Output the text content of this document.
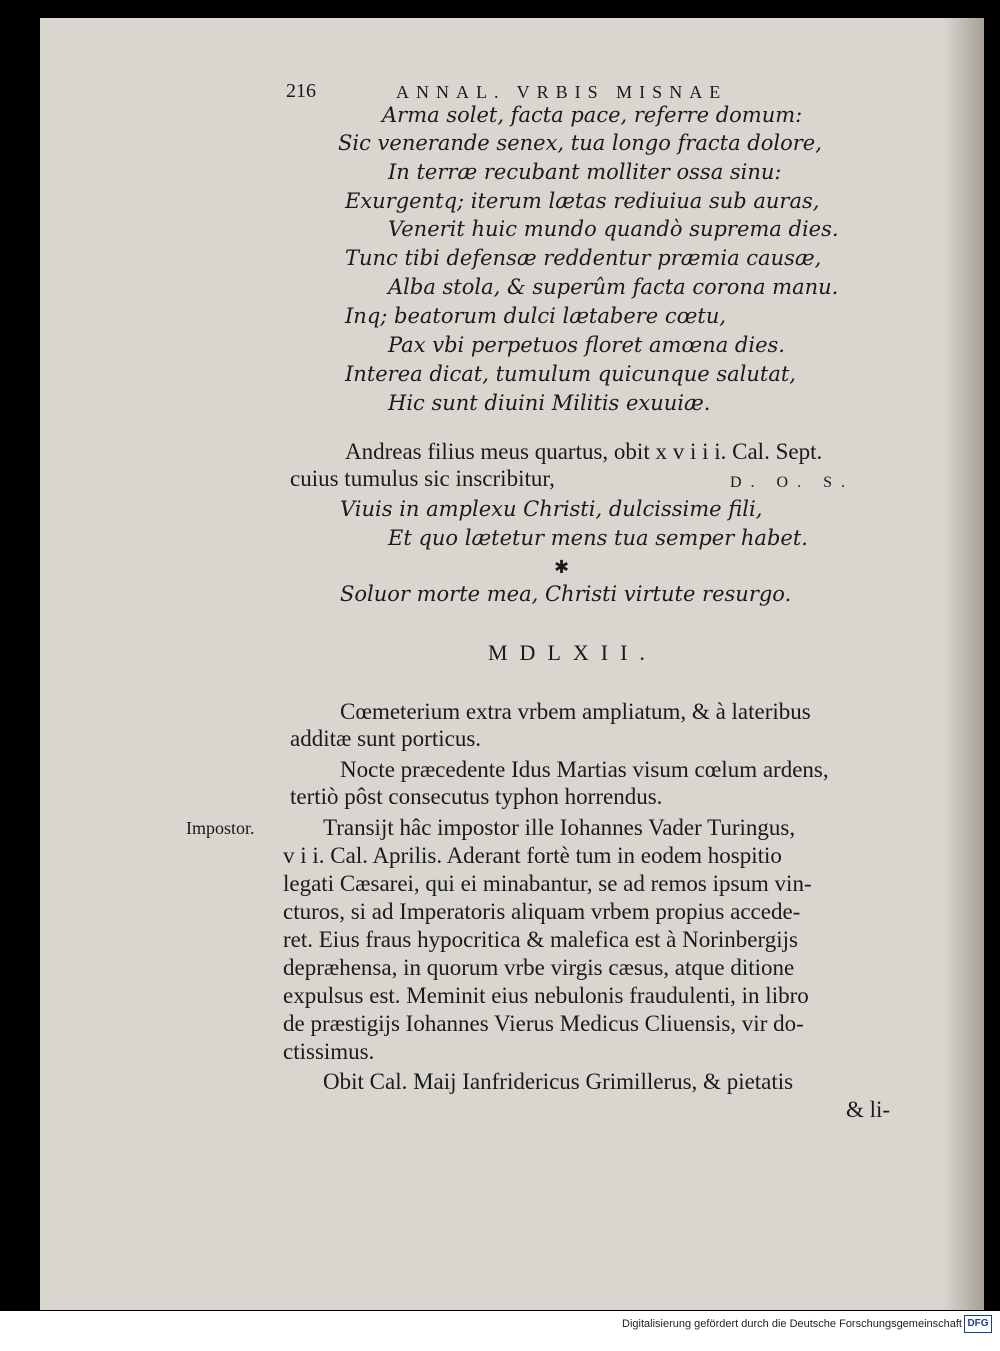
216	ANNAL. VRBIS MISNAE
Arma solet, facta pace, referre domum:
Sic venerande senex, tua longo fracta dolore,
In terræ recubant molliter ossa sinu:
Exurgentq; iterum lætas rediuiua sub auras,
Venerit huic mundo quandò suprema dies.
Tunc tibi defensæ reddentur præmia causæ,
Alba stola, & superûm facta corona manu.
Inq; beatorum dulci lætabere cœtu,
Pax vbi perpetuos floret amœna dies.
Interea dicat, tumulum quicunque salutat,
Hic sunt diuini Militis exuuiæ.
Andreas filius meus quartus, obit x v i i i. Cal. Sept.
cuius tumulus sic inscribitur,	D. O. S.
Viuis in amplexu Christi, dulcissime fili,
Et quo lætetur mens tua semper habet.
✱
Soluor morte mea, Christi virtute resurgo.
MDLXII.
Cœmeterium extra vrbem ampliatum, & à lateribus
additæ sunt porticus.
Nocte præcedente Idus Martias visum cœlum ardens,
tertiò pôst consecutus typhon horrendus.
Impostor.	Transijt hâc impostor ille Iohannes Vader Turingus,
v i i. Cal. Aprilis. Aderant fortè tum in eodem hospitio
legati Cæsarei, qui ei minabantur, se ad remos ipsum vin-
cturos, si ad Imperatoris aliquam vrbem propius accede-
ret. Eius fraus hypocritica & malefica est à Norinbergijs
depræhensa, in quorum vrbe virgis cæsus, atque ditione
expulsus est. Meminit eius nebulonis fraudulenti, in libro
de præstigijs Iohannes Vierus Medicus Cliuensis, vir do-
ctissimus.
Obit Cal. Maij Ianfridericus Grimillerus, & pietatis
& li-
Digitalisierung gefördert durch die Deutsche Forschungsgemeinschaft DFG
